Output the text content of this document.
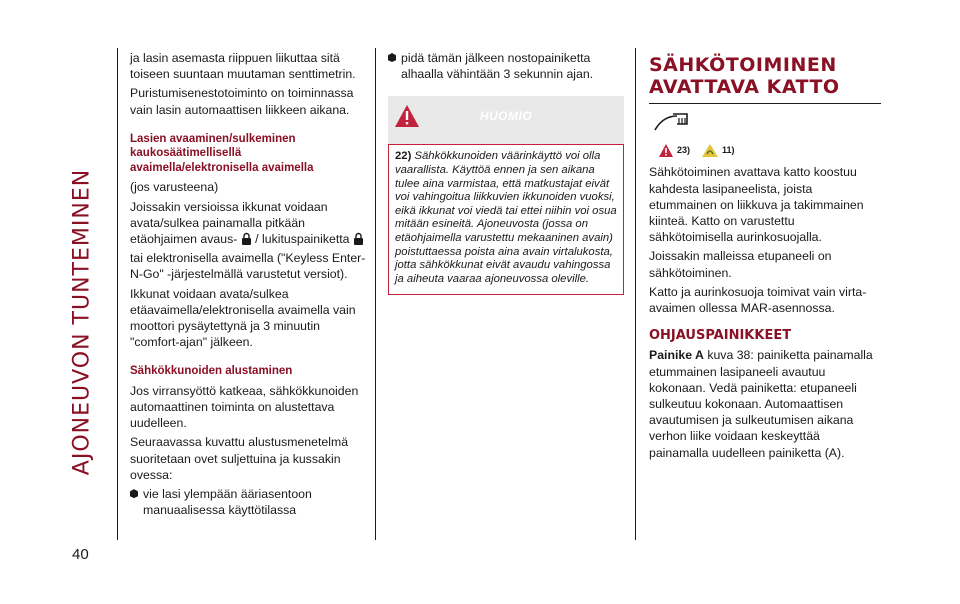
AJONEUVON TUNTEMINEN
40

ja lasin asemasta riippuen liikuttaa sitä toiseen suuntaan muutaman senttimetrin.

Puristumisenestotoiminto on toiminnassa vain lasin automaattisen liikkeen aikana.

Lasien avaaminen/sulkeminen kaukosäätimellisellä avaimella/elektronisella avaimella

(jos varusteena)

Joissakin versioissa ikkunat voidaan avata/sulkea painamalla pitkään etäohjaimen avaus- / lukituspainiketta  tai elektronisella avaimella ("Keyless Enter-N-Go" -järjestelmällä varustetut versiot).

Ikkunat voidaan avata/sulkea etäavaimella/elektronisella avaimella vain moottori pysäytettynä ja 3 minuutin "comfort-ajan" jälkeen.

Sähkökkunoiden alustaminen

Jos virransyöttö katkeaa, sähkökkunoiden automaattinen toiminta on alustettava uudelleen.

Seuraavassa kuvattu alustusmenetelmä suoritetaan ovet suljettuina ja kussakin ovessa:

vie lasi ylempään ääriasentoon manuaalisessa käyttötilassa
pidä tämän jälkeen nostopainiketta alhaalla vähintään 3 sekunnin ajan.
HUOMIO
22) Sähkökkunoiden väärinkäyttö voi olla vaarallista. Käyttöä ennen ja sen aikana tulee aina varmistaa, että matkustajat eivät voi vahingoitua liikkuvien ikkunoiden vuoksi, eikä ikkunat voi viedä tai ettei niihin voi osua mitään esineitä. Ajoneuvosta (jossa on etäohjaimella varustettu mekaaninen avain) poistuttaessa poista aina avain virtalukosta, jotta sähkökkunat eivät avaudu vahingossa ja aiheuta vaaraa ajoneuvossa oleville.
SÄHKÖTOIMINEN
AVATTAVA KATTO
23)	11)

Sähkötoiminen avattava katto koostuu kahdesta lasipaneelista, joista etummainen on liikkuva ja takimmainen kiinteä. Katto on varustettu sähkötoimisella aurinkosuojalla.

Joissakin malleissa etupaneeli on sähkötoiminen.

Katto ja aurinkosuoja toimivat vain virta-avaimen ollessa MAR-asennossa.

OHJAUSPAINIKKEET

Painike A kuva 38: painiketta painamalla etummainen lasipaneeli avautuu kokonaan. Vedä painiketta: etupaneeli sulkeutuu kokonaan. Automaattisen avautumisen ja sulkeutumisen aikana verhon liike voidaan keskeyttää painamalla uudelleen painiketta (A).
